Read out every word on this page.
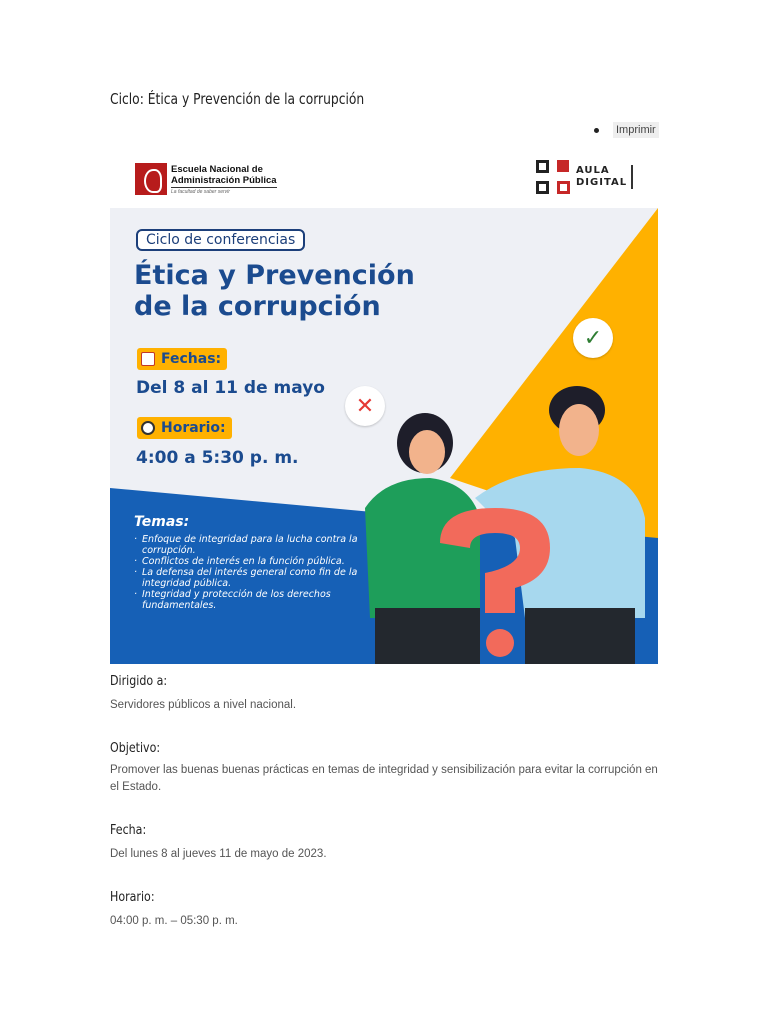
Ciclo: Ética y Prevención de la corrupción
Imprimir
Escuela Nacional de
Administración Pública
La facultad de saber servir
AULA
DIGITAL
Ciclo de conferencias
Ética y Prevención
de la corrupción
Fechas:
Del 8 al 11 de mayo
Horario:
4:00 a 5:30 p. m.
Temas:
· Enfoque de integridad para la lucha contra la corrupción.
· Conflictos de interés en la función pública.
· La defensa del interés general como fin de la integridad pública.
· Integridad y protección de los derechos fundamentales.
✕
✓
Dirigido a:

Servidores públicos a nivel nacional.

Objetivo:

Promover las buenas buenas prácticas en temas de integridad y sensibilización para evitar la corrupción en el Estado.

Fecha:

Del lunes 8 al jueves 11 de mayo de 2023.

Horario:

04:00 p. m. – 05:30 p. m.
